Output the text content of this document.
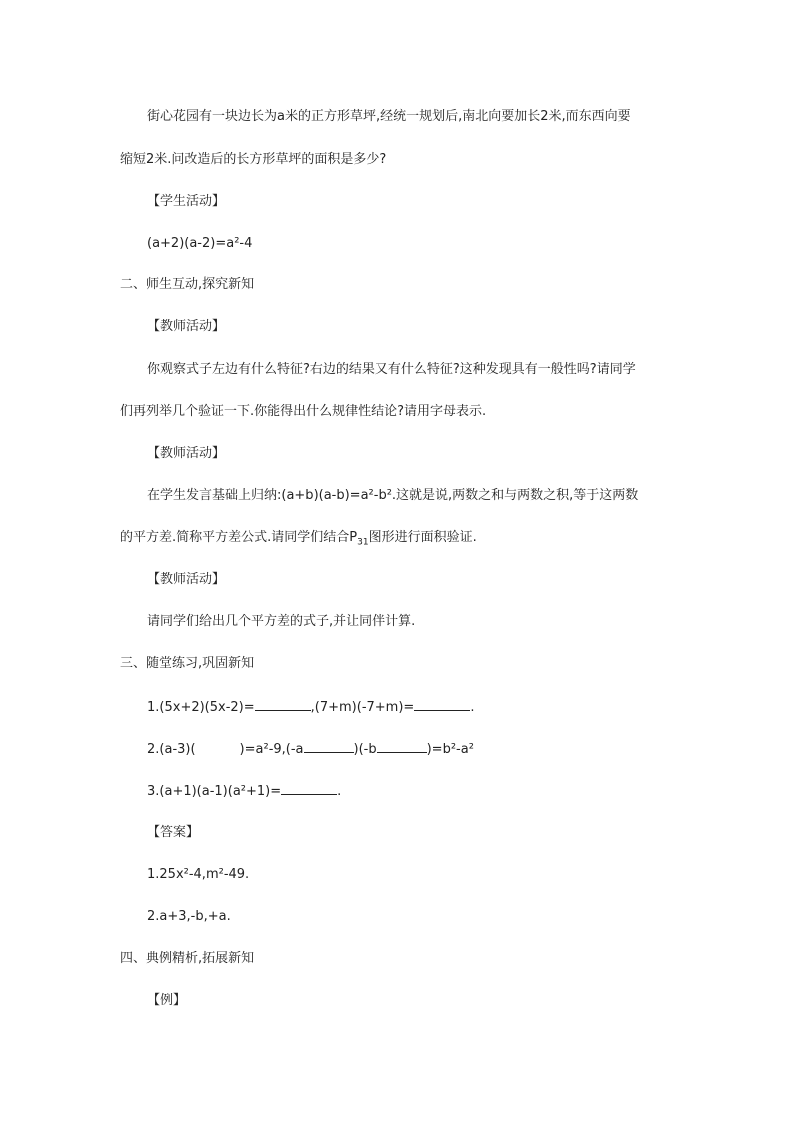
街心花园有一块边长为a米的正方形草坪,经统一规划后,南北向要加长2米,而东西向要
缩短2米.问改造后的长方形草坪的面积是多少?
【学生活动】
(a+2)(a-2)=a²-4
二、师生互动,探究新知
【教师活动】
你观察式子左边有什么特征?右边的结果又有什么特征?这种发现具有一般性吗?请同学
们再列举几个验证一下.你能得出什么规律性结论?请用字母表示.
【教师活动】
在学生发言基础上归纳:(a+b)(a-b)=a²-b².这就是说,两数之和与两数之积,等于这两数
的平方差.简称平方差公式.请同学们结合$P_{31}$图形进行面积验证.
【教师活动】
请同学们给出几个平方差的式子,并让同伴计算.
三、随堂练习,巩固新知
1.(5x+2)(5x-2)=	,(7+m)(-7+m)=	.
2.(a-3)(	)=a²-9,(-a	)(-b	)=b²-a²
3.(a+1)(a-1)(a²+1)=	.
【答案】
1.25x²-4,m²-49.
2.a+3,-b,+a.
四、典例精析,拓展新知
【例】
